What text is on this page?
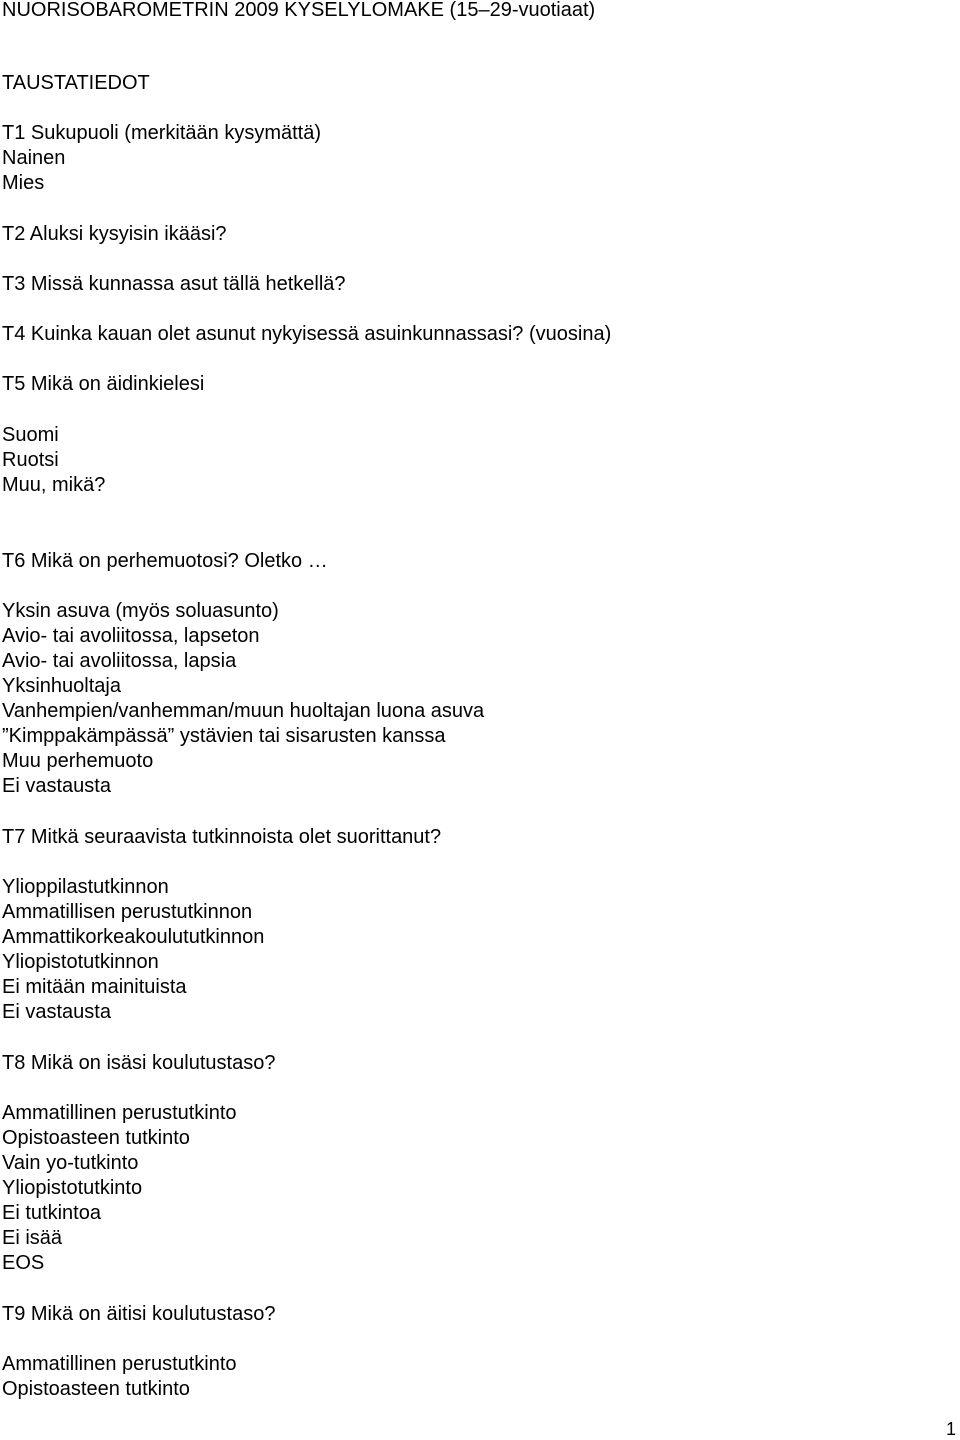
NUORISOBAROMETRIN 2009 KYSELYLOMAKE (15–29-vuotiaat)
TAUSTATIEDOT
T1 Sukupuoli (merkitään kysymättä)
Nainen
Mies
T2 Aluksi kysyisin ikääsi?
T3 Missä kunnassa asut tällä hetkellä?
T4 Kuinka kauan olet asunut nykyisessä asuinkunnassasi? (vuosina)
T5 Mikä on äidinkielesi
Suomi
Ruotsi
Muu, mikä?
T6 Mikä on perhemuotosi? Oletko …
Yksin asuva (myös soluasunto)
Avio- tai avoliitossa, lapseton
Avio- tai avoliitossa, lapsia
Yksinhuoltaja
Vanhempien/vanhemman/muun huoltajan luona asuva
”Kimppakämpässä” ystävien tai sisarusten kanssa
Muu perhemuoto
Ei vastausta
T7 Mitkä seuraavista tutkinnoista olet suorittanut?
Ylioppilastutkinnon
Ammatillisen perustutkinnon
Ammattikorkeakoulututkinnon
Yliopistotutkinnon
Ei mitään mainituista
Ei vastausta
T8 Mikä on isäsi koulutustaso?
Ammatillinen perustutkinto
Opistoasteen tutkinto
Vain yo-tutkinto
Yliopistotutkinto
Ei tutkintoa
Ei isää
EOS
T9 Mikä on äitisi koulutustaso?
Ammatillinen perustutkinto
Opistoasteen tutkinto
1
